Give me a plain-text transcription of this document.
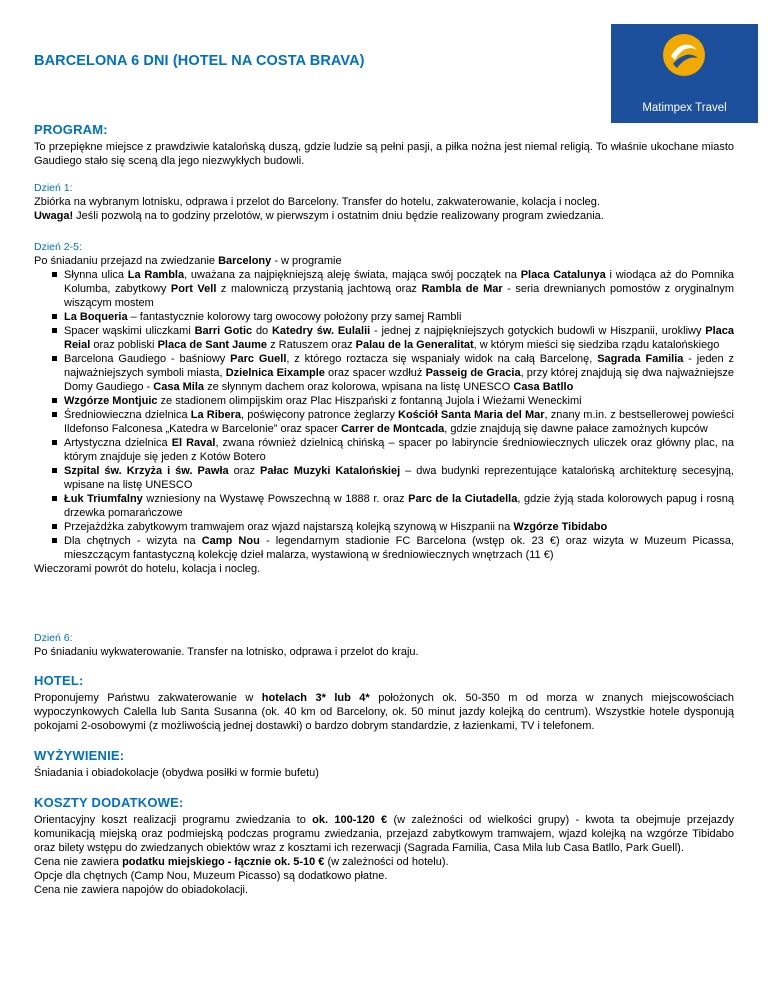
BARCELONA 6 DNI (HOTEL NA COSTA BRAVA)
Matimpex Travel
PROGRAM:

To przepiękne miejsce z prawdziwie katalońską duszą, gdzie ludzie są pełni pasji, a piłka nożna jest niemal religią. To właśnie ukochane miasto Gaudiego stało się sceną dla jego niezwykłych budowli.

Dzień 1:

Zbiórka na wybranym lotnisku, odprawa i przelot do Barcelony. Transfer do hotelu, zakwaterowanie, kolacja i nocleg.

Uwaga! Jeśli pozwolą na to godziny przelotów, w pierwszym i ostatnim dniu będzie realizowany program zwiedzania.

Dzień 2-5:

Po śniadaniu przejazd na zwiedzanie Barcelony - w programie

Słynna ulica La Rambla, uważana za najpiękniejszą aleję świata, mająca swój początek na Placa Catalunya i wiodąca aż do Pomnika Kolumba, zabytkowy Port Vell z malowniczą przystanią jachtową oraz Rambla de Mar - seria drewnianych pomostów z oryginalnym wiszącym mostem
La Boqueria – fantastycznie kolorowy targ owocowy położony przy samej Rambli
Spacer wąskimi uliczkami Barri Gotic do Katedry św. Eulalii - jednej z najpiękniejszych gotyckich budowli w Hiszpanii, urokliwy Placa Reial oraz pobliski Placa de Sant Jaume z Ratuszem oraz Palau de la Generalitat, w którym mieści się siedziba rządu katalońskiego
Barcelona Gaudiego - baśniowy Parc Guell, z którego roztacza się wspaniały widok na całą Barcelonę, Sagrada Familia - jeden z najważniejszych symboli miasta, Dzielnica Eixample oraz spacer wzdłuż Passeig de Gracia, przy której znajdują się dwa najważniejsze Domy Gaudiego - Casa Mila ze słynnym dachem oraz kolorowa, wpisana na listę UNESCO Casa Batllo
Wzgórze Montjuic ze stadionem olimpijskim oraz Plac Hiszpański z fontanną Jujola i Wieżami Weneckimi
Średniowieczna dzielnica La Ribera, poświęcony patronce żeglarzy Kościół Santa Maria del Mar, znany m.in. z bestsellerowej powieści Ildefonso Falconesa „Katedra w Barcelonie” oraz spacer Carrer de Montcada, gdzie znajdują się dawne pałace zamożnych kupców
Artystyczna dzielnica El Raval, zwana również dzielnicą chińską – spacer po labiryncie średniowiecznych uliczek oraz główny plac, na którym znajduje się jeden z Kotów Botero
Szpital św. Krzyża i św. Pawła oraz Pałac Muzyki Katalońskiej – dwa budynki reprezentujące katalońską architekturę secesyjną, wpisane na listę UNESCO
Łuk Triumfalny wzniesiony na Wystawę Powszechną w 1888 r. oraz Parc de la Ciutadella, gdzie żyją stada kolorowych papug i rosną drzewka pomarańczowe
Przejażdżka zabytkowym tramwajem oraz wjazd najstarszą kolejką szynową w Hiszpanii na Wzgórze Tibidabo
Dla chętnych - wizyta na Camp Nou - legendarnym stadionie FC Barcelona (wstęp ok. 23 €) oraz wizyta w Muzeum Picassa, mieszczącym fantastyczną kolekcję dzieł malarza, wystawioną w średniowiecznych wnętrzach (11 €)

Wieczorami powrót do hotelu, kolacja i nocleg.

Dzień 6:

Po śniadaniu wykwaterowanie. Transfer na lotnisko, odprawa i przelot do kraju.

HOTEL:

Proponujemy Państwu zakwaterowanie w hotelach 3* lub 4* położonych ok. 50-350 m od morza w znanych miejscowościach wypoczynkowych Calella lub Santa Susanna (ok. 40 km od Barcelony, ok. 50 minut jazdy kolejką do centrum). Wszystkie hotele dysponują pokojami 2-osobowymi (z możliwością jednej dostawki) o bardzo dobrym standardzie, z łazienkami, TV i telefonem.

WYŻYWIENIE:

Śniadania i obiadokolacje (obydwa posiłki w formie bufetu)

KOSZTY DODATKOWE:

Orientacyjny koszt realizacji programu zwiedzania to ok. 100-120 € (w zależności od wielkości grupy) - kwota ta obejmuje przejazdy komunikacją miejską oraz podmiejską podczas programu zwiedzania, przejazd zabytkowym tramwajem, wjazd kolejką na wzgórze Tibidabo oraz bilety wstępu do zwiedzanych obiektów wraz z kosztami ich rezerwacji (Sagrada Familia, Casa Mila lub Casa Batllo, Park Guell).

Cena nie zawiera podatku miejskiego - łącznie ok. 5-10 € (w zależności od hotelu).

Opcje dla chętnych (Camp Nou, Muzeum Picasso) są dodatkowo płatne.

Cena nie zawiera napojów do obiadokolacji.
